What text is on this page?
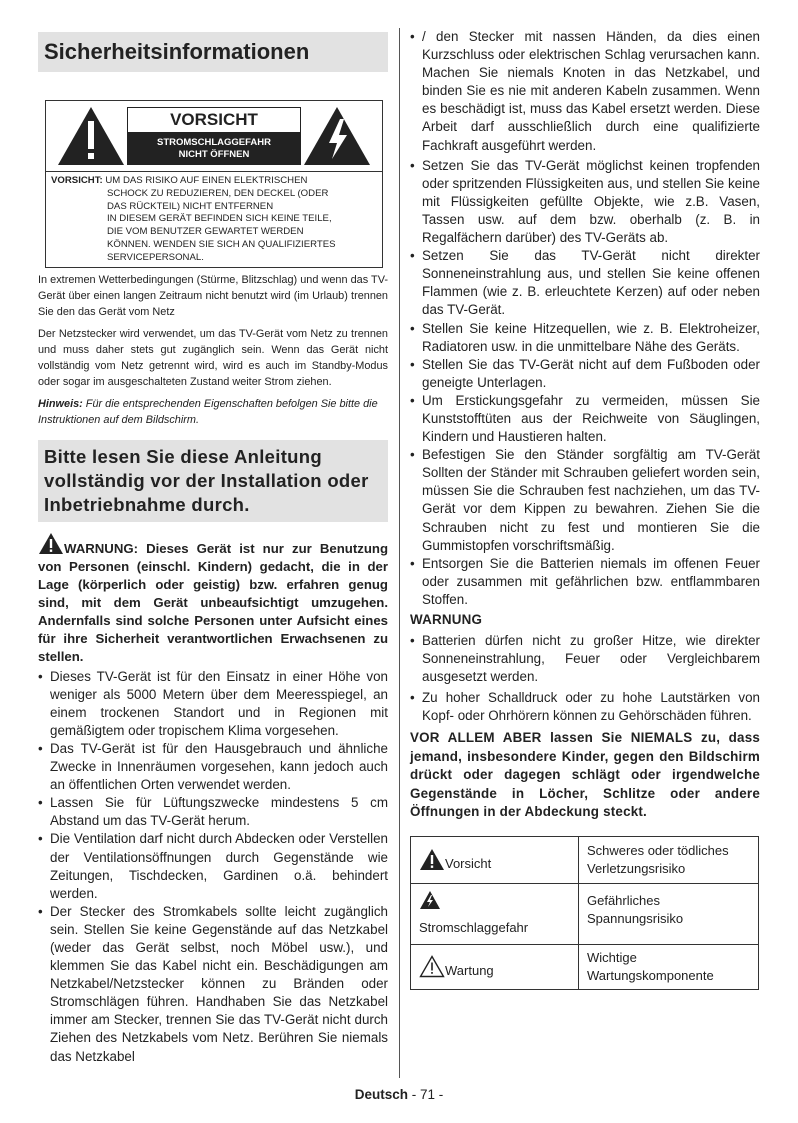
Sicherheitsinformationen
VORSICHT
STROMSCHLAGGEFAHR
NICHT ÖFFNEN
VORSICHT: UM DAS RISIKO AUF EINEN ELEKTRISCHEN
SCHOCK ZU REDUZIEREN, DEN DECKEL (ODER
DAS RÜCKTEIL) NICHT ENTFERNEN
IN DIESEM GERÄT BEFINDEN SICH KEINE TEILE,
DIE VOM BENUTZER GEWARTET WERDEN
KÖNNEN. WENDEN SIE SICH AN QUALIFIZIERTES
SERVICEPERSONAL.

In extremen Wetterbedingungen (Stürme, Blitzschlag) und wenn das TV-Gerät über einen langen Zeitraum nicht benutzt wird (im Urlaub) trennen Sie den das Gerät vom Netz

Der Netzstecker wird verwendet, um das TV-Gerät vom Netz zu trennen und muss daher stets gut zugänglich sein. Wenn das Gerät nicht vollständig vom Netz getrennt wird, wird es auch im Standby-Modus oder sogar im ausgeschalteten Zustand weiter Strom ziehen.

Hinweis: Für die entsprechenden Eigenschaften befolgen Sie bitte die Instruktionen auf dem Bildschirm.

Bitte lesen Sie diese Anleitung vollständig vor der Installation oder Inbetriebnahme durch.

WARNUNG: Dieses Gerät ist nur zur Benutzung von Personen (einschl. Kindern) gedacht, die in der Lage (körperlich oder geistig) bzw. erfahren genug sind, mit dem Gerät unbeaufsichtigt umzugehen. Andernfalls sind solche Personen unter Aufsicht eines für ihre Sicherheit verantwortlichen Erwachsenen zu stellen.

• Dieses TV-Gerät ist für den Einsatz in einer Höhe von weniger als 5000 Metern über dem Meeresspiegel, an einem trockenen Standort und in Regionen mit gemäßigtem oder tropischem Klima vorgesehen.

• Das TV-Gerät ist für den Hausgebrauch und ähnliche Zwecke in Innenräumen vorgesehen, kann jedoch auch an öffentlichen Orten verwendet werden.

• Lassen Sie für Lüftungszwecke mindestens 5 cm Abstand um das TV-Gerät herum.

• Die Ventilation darf nicht durch Abdecken oder Verstellen der Ventilationsöffnungen durch Gegenstände wie Zeitungen, Tischdecken, Gardinen o.ä. behindert werden.

• Der Stecker des Stromkabels sollte leicht zugänglich sein. Stellen Sie keine Gegenstände auf das Netzkabel (weder das Gerät selbst, noch Möbel usw.), und klemmen Sie das Kabel nicht ein. Beschädigungen am Netzkabel/Netzstecker können zu Bränden oder Stromschlägen führen. Handhaben Sie das Netzkabel immer am Stecker, trennen Sie das TV-Gerät nicht durch Ziehen des Netzkabels vom Netz. Berühren Sie niemals das Netzkabel

• / den Stecker mit nassen Händen, da dies einen Kurzschluss oder elektrischen Schlag verursachen kann. Machen Sie niemals Knoten in das Netzkabel, und binden Sie es nie mit anderen Kabeln zusammen. Wenn es beschädigt ist, muss das Kabel ersetzt werden. Diese Arbeit darf ausschließlich durch eine qualifizierte Fachkraft ausgeführt werden.

• Setzen Sie das TV-Gerät möglichst keinen tropfenden oder spritzenden Flüssigkeiten aus, und stellen Sie keine mit Flüssigkeiten gefüllte Objekte, wie z.B. Vasen, Tassen usw. auf dem bzw. oberhalb (z. B. in Regalfächern darüber) des TV-Geräts ab.

• Setzen Sie das TV-Gerät nicht direkter Sonneneinstrahlung aus, und stellen Sie keine offenen Flammen (wie z. B. erleuchtete Kerzen) auf oder neben das TV-Gerät.

• Stellen Sie keine Hitzequellen, wie z. B. Elektroheizer, Radiatoren usw. in die unmittelbare Nähe des Geräts.

• Stellen Sie das TV-Gerät nicht auf dem Fußboden oder geneigte Unterlagen.

• Um Erstickungsgefahr zu vermeiden, müssen Sie Kunststofftüten aus der Reichweite von Säuglingen, Kindern und Haustieren halten.

• Befestigen Sie den Ständer sorgfältig am TV-Gerät Sollten der Ständer mit Schrauben geliefert worden sein, müssen Sie die Schrauben fest nachziehen, um das TV-Gerät vor dem Kippen zu bewahren. Ziehen Sie die Schrauben nicht zu fest und montieren Sie die Gummistopfen vorschriftsmäßig.

• Entsorgen Sie die Batterien niemals im offenen Feuer oder zusammen mit gefährlichen bzw. entflammbaren Stoffen.

WARNUNG

• Batterien dürfen nicht zu großer Hitze, wie direkter Sonneneinstrahlung, Feuer oder Vergleichbarem ausgesetzt werden.

• Zu hoher Schalldruck oder zu hohe Lautstärken von Kopf- oder Ohrhörern können zu Gehörschäden führen.

VOR ALLEM ABER lassen Sie NIEMALS zu, dass jemand, insbesondere Kinder, gegen den Bildschirm drückt oder dagegen schlägt oder irgendwelche Gegenstände in Löcher, Schlitze oder andere Öffnungen in der Abdeckung steckt.

Vorsicht	Schweres oder tödliches
Verletzungsrisiko

Stromschlaggefahr	Gefährliches
Spannungsrisiko

Wartung	Wichtige
Wartungskomponente
Deutsch - 71 -
